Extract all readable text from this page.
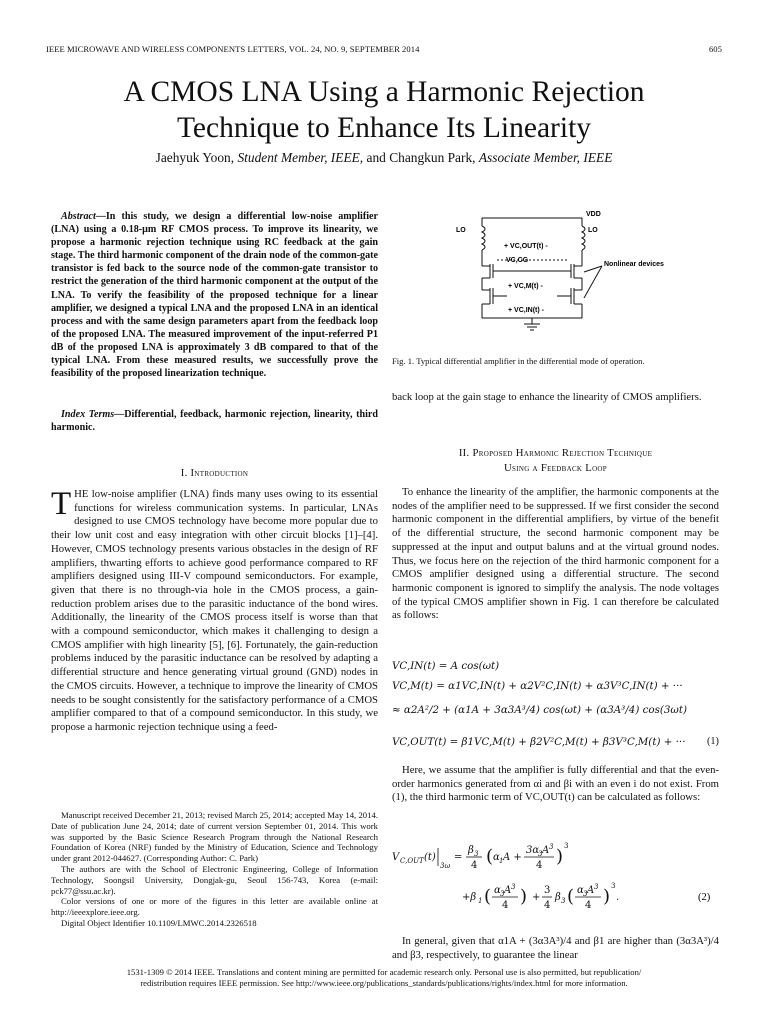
IEEE MICROWAVE AND WIRELESS COMPONENTS LETTERS, VOL. 24, NO. 9, SEPTEMBER 2014	605
A CMOS LNA Using a Harmonic Rejection
Technique to Enhance Its Linearity
Jaehyuk Yoon, Student Member, IEEE, and Changkun Park, Associate Member, IEEE
Abstract—In this study, we design a differential low-noise amplifier (LNA) using a 0.18-μm RF CMOS process. To improve its linearity, we propose a harmonic rejection technique using RC feedback at the gain stage. The third harmonic component of the drain node of the common-gate transistor is fed back to the source node of the common-gate transistor to restrict the generation of the third harmonic component at the output of the LNA. To verify the feasibility of the proposed technique for a linear amplifier, we designed a typical LNA and the proposed LNA in an identical process and with the same design parameters apart from the feedback loop of the proposed LNA. The measured improvement of the input-referred P1 dB of the proposed LNA is approximately 3 dB compared to that of the typical LNA. From these measured results, we successfully prove the feasibility of the proposed linearization technique.
Index Terms—Differential, feedback, harmonic rejection, linearity, third harmonic.
I. Introduction
THE low-noise amplifier (LNA) finds many uses owing to its essential functions for wireless communication systems. In particular, LNAs designed to use CMOS technology have become more popular due to their low unit cost and easy integration with other circuit blocks [1]–[4]. However, CMOS technology presents various obstacles in the design of RF amplifiers, thwarting efforts to achieve good performance compared to RF amplifiers designed using III-V compound semiconductors. For example, given that there is no through-via hole in the CMOS process, a gain-reduction problem arises due to the parasitic inductance of the bond wires. Additionally, the linearity of the CMOS process itself is worse than that with a compound semiconductor, which makes it challenging to design a CMOS amplifier with high linearity [5], [6]. Fortunately, the gain-reduction problems induced by the parasitic inductance can be resolved by adapting a differential structure and hence generating virtual ground (GND) nodes in the CMOS circuits. However, a technique to improve the linearity of CMOS needs to be sought consistently for the satisfactory performance of a CMOS amplifier compared to that of a compound semiconductor. In this study, we propose a harmonic rejection technique using a feed-

Manuscript received December 21, 2013; revised March 25, 2014; accepted May 14, 2014. Date of publication June 24, 2014; date of current version September 01, 2014. This work was supported by the Basic Science Research Program through the National Research Foundation of Korea (NRF) funded by the Ministry of Education, Science and Technology under grant 2012-044627. (Corresponding Author: C. Park)

The authors are with the School of Electronic Engineering, College of Information Technology, Soongsil University, Dongjak-gu, Seoul 156-743, Korea (e-mail: pck77@ssu.ac.kr).

Color versions of one or more of the figures in this letter are available online at http://ieeexplore.ieee.org.

Digital Object Identifier 10.1109/LMWC.2014.2326518

VDD
LO	LO
+ VC,OUT(t) -
VC,CG
+ VC,M(t) -
+ VC,IN(t) -
Nonlinear devices
Fig. 1. Typical differential amplifier in the differential mode of operation.
back loop at the gain stage to enhance the linearity of CMOS amplifiers.
II. Proposed Harmonic Rejection Technique
Using a Feedback Loop
To enhance the linearity of the amplifier, the harmonic components at the nodes of the amplifier need to be suppressed. If we first consider the second harmonic component in the differential amplifiers, by virtue of the benefit of the differential structure, the second harmonic component may be suppressed at the input and output baluns and at the virtual ground nodes. Thus, we focus here on the rejection of the third harmonic component for a CMOS amplifier designed using a differential structure. The second harmonic component is ignored to simplify the analysis. The node voltages of the typical CMOS amplifier shown in Fig. 1 can therefore be calculated as follows:
VC,IN(t) = A cos(ωt)
VC,M(t) = α1VC,IN(t) + α2V²C,IN(t) + α3V³C,IN(t) + ···
≈ α2A²/2 + (α1A + 3α3A³/4) cos(ωt) + (α3A³/4) cos(3ωt)
VC,OUT(t) = β1VC,M(t) + β2V²C,M(t) + β3V³C,M(t) + ··· (1)
Here, we assume that the amplifier is fully differential and that the even-order harmonics generated from αi and βi with an even i do not exist. From (1), the third harmonic term of VC,OUT(t) can be calculated as follows:
V C,OUT (t)
3ω
=
β 3
4 ( α 1 A +
3α
3 A 3
4 ) 3
+β 1 ( α 3 A 3
4 ) +
3
4
β 3 ( α 3 A 3
4 ) 3
.	(2)
In general, given that α1A + (3α3A³)/4 and β1 are higher than (3α3A³)/4 and β3, respectively, to guarantee the linear
1531-1309 © 2014 IEEE. Translations and content mining are permitted for academic research only. Personal use is also permitted, but republication/
redistribution requires IEEE permission. See http://www.ieee.org/publications_standards/publications/rights/index.html for more information.
